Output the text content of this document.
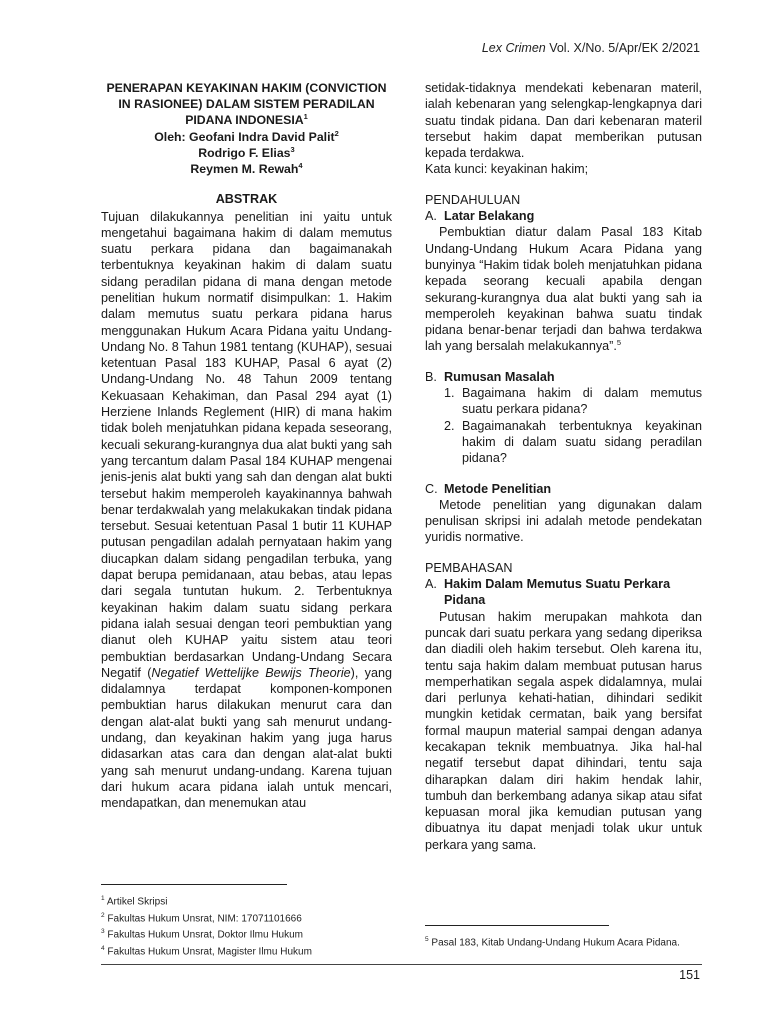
Lex Crimen Vol. X/No. 5/Apr/EK 2/2021
PENERAPAN KEYAKINAN HAKIM (CONVICTION IN RASIONEE) DALAM SISTEM PERADILAN PIDANA INDONESIA$^1$
Oleh: Geofani Indra David Palit$^2$
Rodrigo F. Elias$^3$
Reymen M. Rewah$^4$
ABSTRAK
Tujuan dilakukannya penelitian ini yaitu untuk mengetahui bagaimana hakim di dalam memutus suatu perkara pidana dan bagaimanakah terbentuknya keyakinan hakim di dalam suatu sidang peradilan pidana di mana dengan metode penelitian hukum normatif disimpulkan: 1. Hakim dalam memutus suatu perkara pidana harus menggunakan Hukum Acara Pidana yaitu Undang-Undang No. 8 Tahun 1981 tentang (KUHAP), sesuai ketentuan Pasal 183 KUHAP, Pasal 6 ayat (2) Undang-Undang No. 48 Tahun 2009 tentang Kekuasaan Kehakiman, dan Pasal 294 ayat (1) Herziene Inlands Reglement (HIR) di mana hakim tidak boleh menjatuhkan pidana kepada seseorang, kecuali sekurang-kurangnya dua alat bukti yang sah yang tercantum dalam Pasal 184 KUHAP mengenai jenis-jenis alat bukti yang sah dan dengan alat bukti tersebut hakim memperoleh kayakinannya bahwah benar terdakwalah yang melakukakan tindak pidana tersebut. Sesuai ketentuan Pasal 1 butir 11 KUHAP putusan pengadilan adalah pernyataan hakim yang diucapkan dalam sidang pengadilan terbuka, yang dapat berupa pemidanaan, atau bebas, atau lepas dari segala tuntutan hukum. 2. Terbentuknya keyakinan hakim dalam suatu sidang perkara pidana ialah sesuai dengan teori pembuktian yang dianut oleh KUHAP yaitu sistem atau teori pembuktian berdasarkan Undang-Undang Secara Negatif (Negatief Wettelijke Bewijs Theorie), yang didalamnya terdapat komponen-komponen pembuktian harus dilakukan menurut cara dan dengan alat-alat bukti yang sah menurut undang-undang, dan keyakinan hakim yang juga harus didasarkan atas cara dan dengan alat-alat bukti yang sah menurut undang-undang. Karena tujuan dari hukum acara pidana ialah untuk mencari, mendapatkan, dan menemukan atau
setidak-tidaknya mendekati kebenaran materil, ialah kebenaran yang selengkap-lengkapnya dari suatu tindak pidana. Dan dari kebenaran materil tersebut hakim dapat memberikan putusan kepada terdakwa.
Kata kunci: keyakinan hakim;
PENDAHULUAN
A. Latar Belakang
Pembuktian diatur dalam Pasal 183 Kitab Undang-Undang Hukum Acara Pidana yang bunyinya “Hakim tidak boleh menjatuhkan pidana kepada seorang kecuali apabila dengan sekurang-kurangnya dua alat bukti yang sah ia memperoleh keyakinan bahwa suatu tindak pidana benar-benar terjadi dan bahwa terdakwa lah yang bersalah melakukannya”.$^5$
B. Rumusan Masalah
1. Bagaimana hakim di dalam memutus suatu perkara pidana?
2. Bagaimanakah terbentuknya keyakinan hakim di dalam suatu sidang peradilan pidana?
C. Metode Penelitian
Metode penelitian yang digunakan dalam penulisan skripsi ini adalah metode pendekatan yuridis normative.
PEMBAHASAN
A. Hakim Dalam Memutus Suatu Perkara Pidana
Putusan hakim merupakan mahkota dan puncak dari suatu perkara yang sedang diperiksa dan diadili oleh hakim tersebut. Oleh karena itu, tentu saja hakim dalam membuat putusan harus memperhatikan segala aspek didalamnya, mulai dari perlunya kehati-hatian, dihindari sedikit mungkin ketidak cermatan, baik yang bersifat formal maupun material sampai dengan adanya kecakapan teknik membuatnya. Jika hal-hal negatif tersebut dapat dihindari, tentu saja diharapkan dalam diri hakim hendak lahir, tumbuh dan berkembang adanya sikap atau sifat kepuasan moral jika kemudian putusan yang dibuatnya itu dapat menjadi tolak ukur untuk perkara yang sama.
$^1$ Artikel Skripsi
$^2$ Fakultas Hukum Unsrat, NIM: 17071101666
$^3$ Fakultas Hukum Unsrat, Doktor Ilmu Hukum
$^4$ Fakultas Hukum Unsrat, Magister Ilmu Hukum
$^5$ Pasal 183, Kitab Undang-Undang Hukum Acara Pidana.
151
